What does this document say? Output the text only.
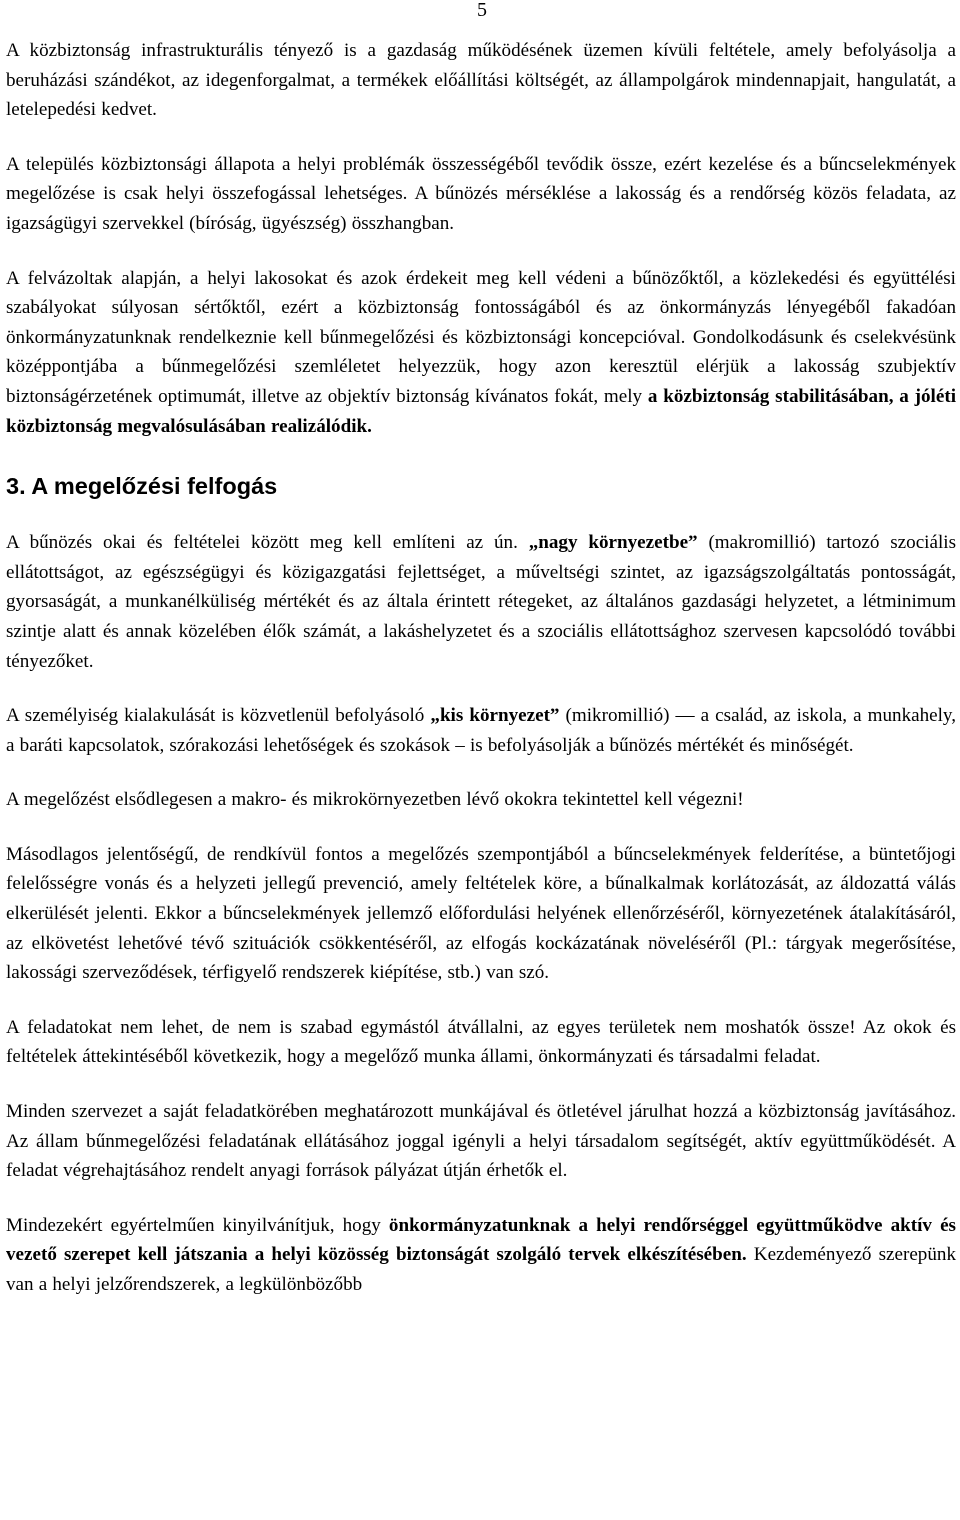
5

A közbiztonság infrastrukturális tényező is a gazdaság működésének üzemen kívüli feltétele, amely befolyásolja a beruházási szándékot, az idegenforgalmat, a termékek előállítási költségét, az állampolgárok mindennapjait, hangulatát, a letelepedési kedvet.

A település közbiztonsági állapota a helyi problémák összességéből tevődik össze, ezért kezelése és a bűncselekmények megelőzése is csak helyi összefogással lehetséges. A bűnözés mérséklése a lakosság és a rendőrség közös feladata, az igazságügyi szervekkel (bíróság, ügyészség) összhangban.

A felvázoltak alapján, a helyi lakosokat és azok érdekeit meg kell védeni a bűnözőktől, a közlekedési és együttélési szabályokat súlyosan sértőktől, ezért a közbiztonság fontosságából és az önkormányzás lényegéből fakadóan önkormányzatunknak rendelkeznie kell bűnmegelőzési és közbiztonsági koncepcióval. Gondolkodásunk és cselekvésünk középpontjába a bűnmegelőzési szemléletet helyezzük, hogy azon keresztül elérjük a lakosság szubjektív biztonságérzetének optimumát, illetve az objektív biztonság kívánatos fokát, mely a közbiztonság stabilitásában, a jóléti közbiztonság megvalósulásában realizálódik.

3. A megelőzési felfogás

A bűnözés okai és feltételei között meg kell említeni az ún. „nagy környezetbe” (makromillió) tartozó szociális ellátottságot, az egészségügyi és közigazgatási fejlettséget, a műveltségi szintet, az igazságszolgáltatás pontosságát, gyorsaságát, a munkanélküliség mértékét és az általa érintett rétegeket, az általános gazdasági helyzetet, a létminimum szintje alatt és annak közelében élők számát, a lakáshelyzetet és a szociális ellátottsághoz szervesen kapcsolódó további tényezőket.

A személyiség kialakulását is közvetlenül befolyásoló „kis környezet” (mikromillió) — a család, az iskola, a munkahely, a baráti kapcsolatok, szórakozási lehetőségek és szokások – is befolyásolják a bűnözés mértékét és minőségét.

A megelőzést elsődlegesen a makro- és mikrokörnyezetben lévő okokra tekintettel kell végezni!

Másodlagos jelentőségű, de rendkívül fontos a megelőzés szempontjából a bűncselekmények felderítése, a büntetőjogi felelősségre vonás és a helyzeti jellegű prevenció, amely feltételek köre, a bűnalkalmak korlátozását, az áldozattá válás elkerülését jelenti. Ekkor a bűncselekmények jellemző előfordulási helyének ellenőrzéséről, környezetének átalakításáról, az elkövetést lehetővé tévő szituációk csökkentéséről, az elfogás kockázatának növeléséről (Pl.: tárgyak megerősítése, lakossági szerveződések, térfigyelő rendszerek kiépítése, stb.) van szó.

A feladatokat nem lehet, de nem is szabad egymástól átvállalni, az egyes területek nem moshatók össze! Az okok és feltételek áttekintéséből következik, hogy a megelőző munka állami, önkormányzati és társadalmi feladat.

Minden szervezet a saját feladatkörében meghatározott munkájával és ötletével járulhat hozzá a közbiztonság javításához. Az állam bűnmegelőzési feladatának ellátásához joggal igényli a helyi társadalom segítségét, aktív együttműködését. A feladat végrehajtásához rendelt anyagi források pályázat útján érhetők el.

Mindezekért egyértelműen kinyilvánítjuk, hogy önkormányzatunknak a helyi rendőrséggel együttműködve aktív és vezető szerepet kell játszania a helyi közösség biztonságát szolgáló tervek elkészítésében. Kezdeményező szerepünk van a helyi jelzőrendszerek, a legkülönbözőbb
